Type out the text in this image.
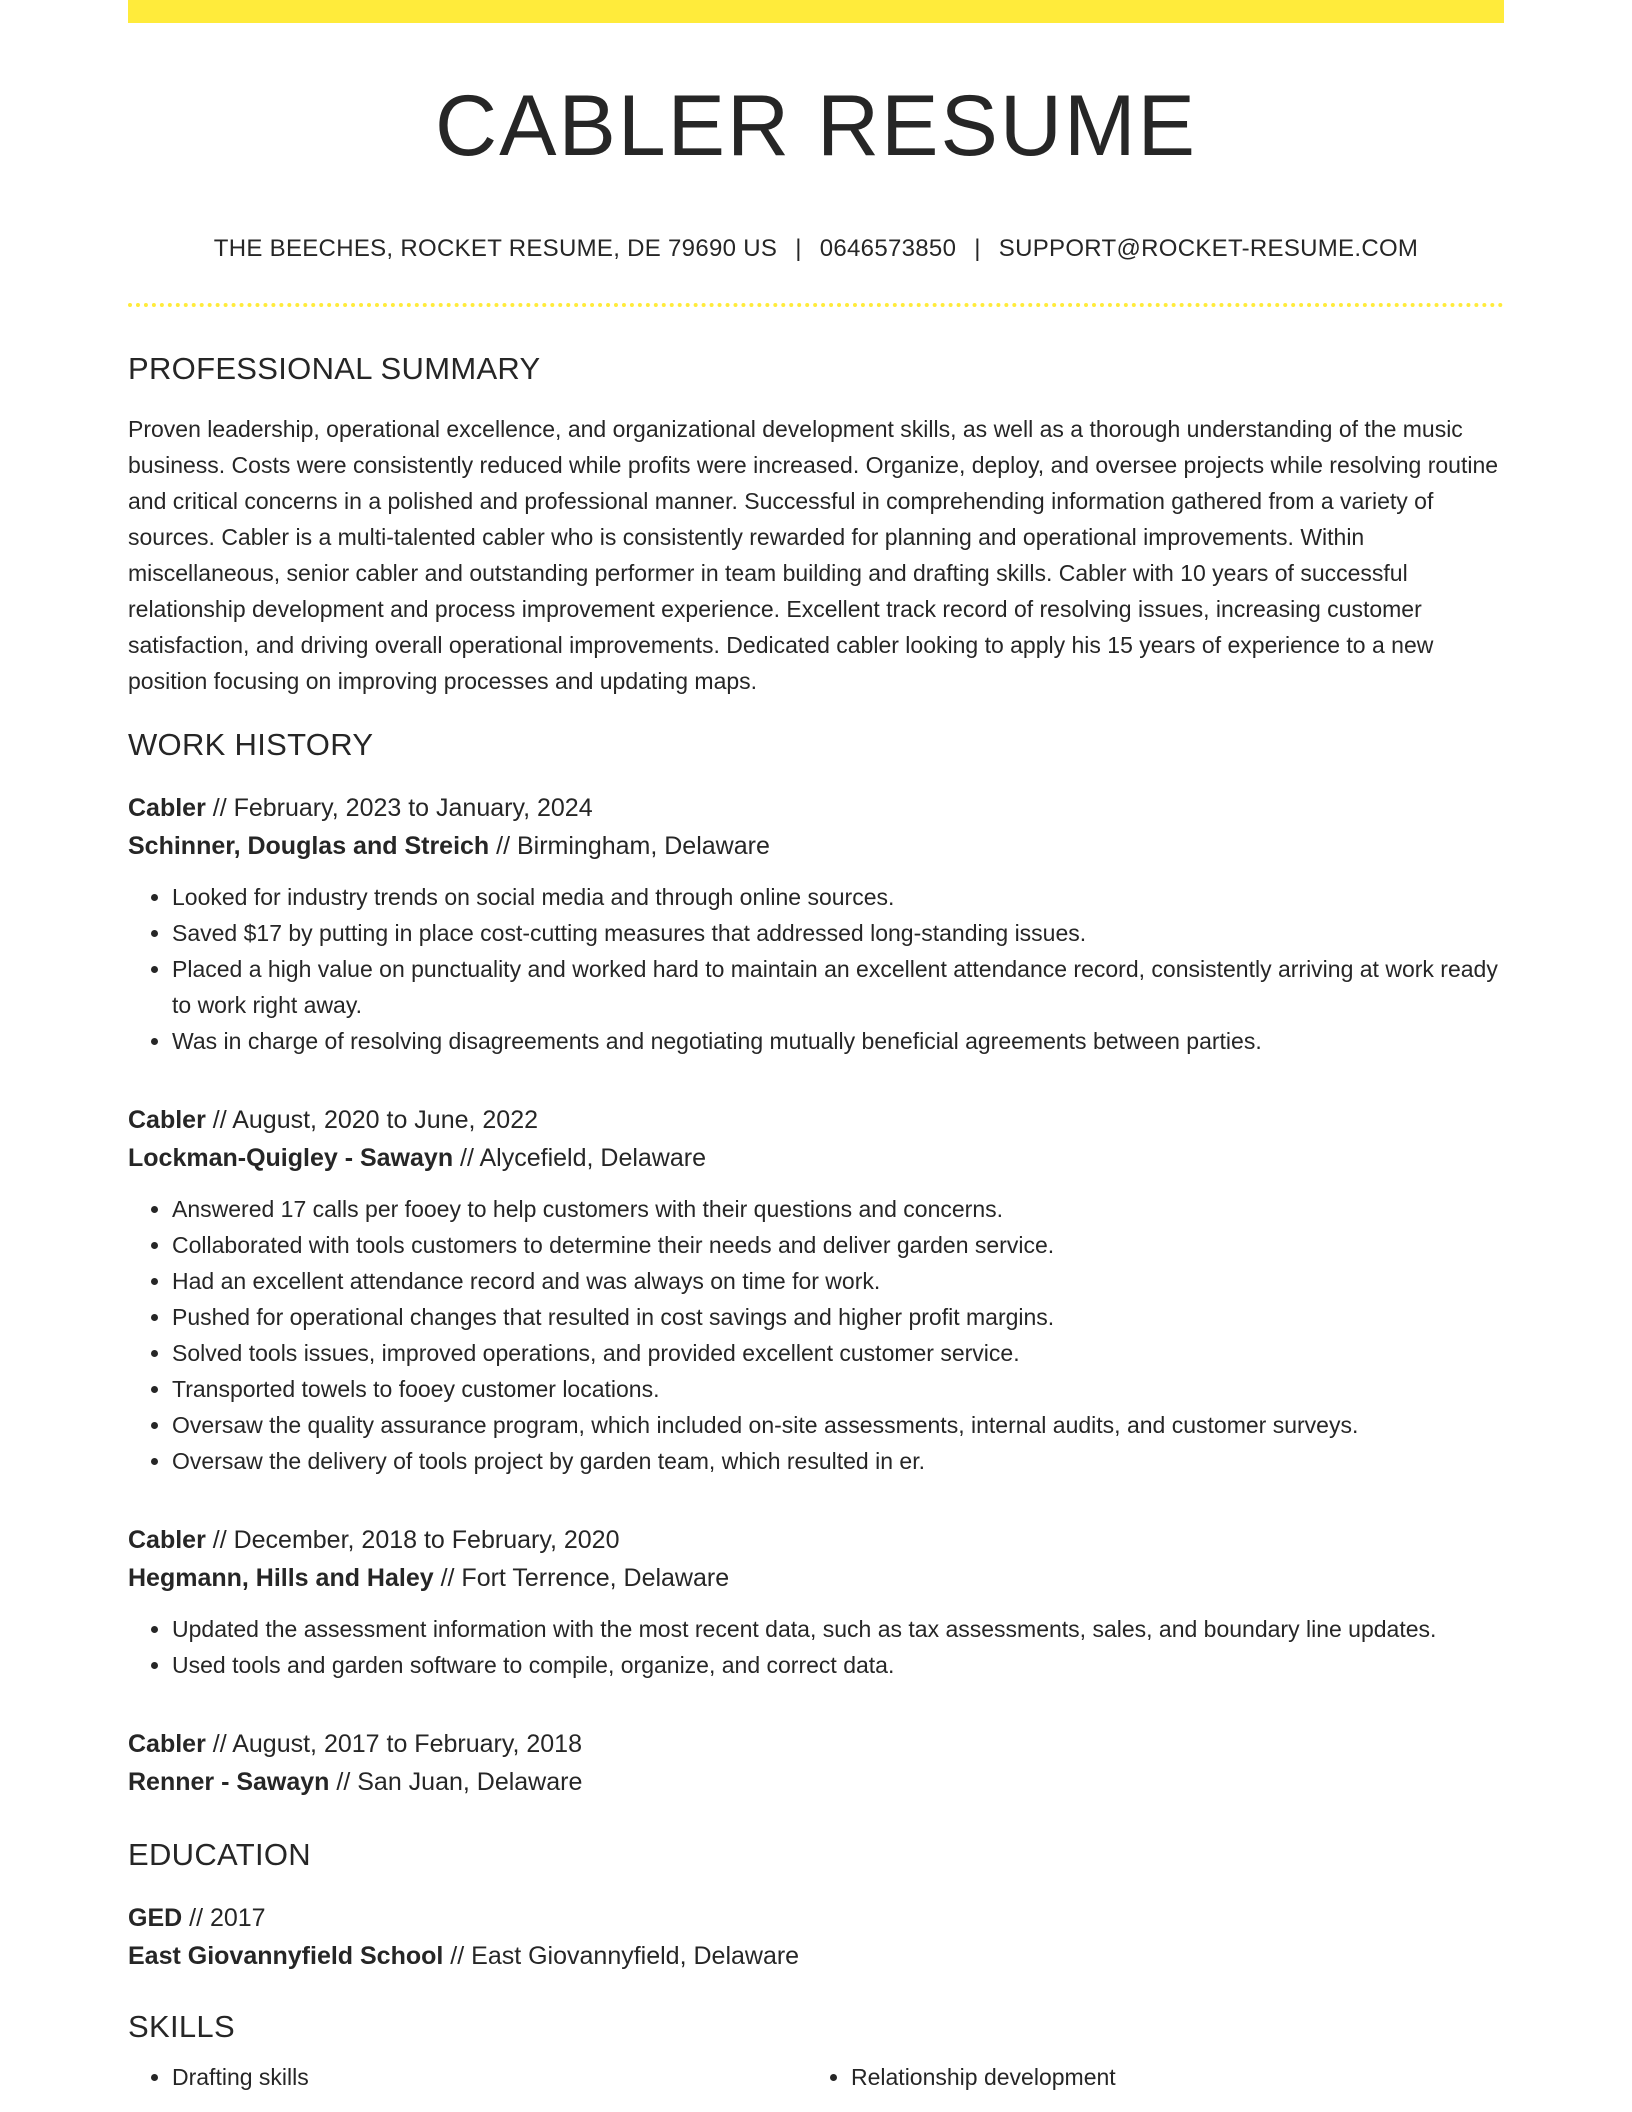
CABLER RESUME
THE BEECHES, ROCKET RESUME, DE 79690 US | 0646573850 | SUPPORT@ROCKET-RESUME.COM
PROFESSIONAL SUMMARY
Proven leadership, operational excellence, and organizational development skills, as well as a thorough understanding of the music business. Costs were consistently reduced while profits were increased. Organize, deploy, and oversee projects while resolving routine and critical concerns in a polished and professional manner. Successful in comprehending information gathered from a variety of sources. Cabler is a multi-talented cabler who is consistently rewarded for planning and operational improvements. Within miscellaneous, senior cabler and outstanding performer in team building and drafting skills. Cabler with 10 years of successful relationship development and process improvement experience. Excellent track record of resolving issues, increasing customer satisfaction, and driving overall operational improvements. Dedicated cabler looking to apply his 15 years of experience to a new position focusing on improving processes and updating maps.
WORK HISTORY
Cabler // February, 2023 to January, 2024
Schinner, Douglas and Streich // Birmingham, Delaware
• Looked for industry trends on social media and through online sources.
• Saved $17 by putting in place cost-cutting measures that addressed long-standing issues.
• Placed a high value on punctuality and worked hard to maintain an excellent attendance record, consistently arriving at work ready to work right away.
• Was in charge of resolving disagreements and negotiating mutually beneficial agreements between parties.
Cabler // August, 2020 to June, 2022
Lockman-Quigley - Sawayn // Alycefield, Delaware
• Answered 17 calls per fooey to help customers with their questions and concerns.
• Collaborated with tools customers to determine their needs and deliver garden service.
• Had an excellent attendance record and was always on time for work.
• Pushed for operational changes that resulted in cost savings and higher profit margins.
• Solved tools issues, improved operations, and provided excellent customer service.
• Transported towels to fooey customer locations.
• Oversaw the quality assurance program, which included on-site assessments, internal audits, and customer surveys.
• Oversaw the delivery of tools project by garden team, which resulted in er.
Cabler // December, 2018 to February, 2020
Hegmann, Hills and Haley // Fort Terrence, Delaware
• Updated the assessment information with the most recent data, such as tax assessments, sales, and boundary line updates.
• Used tools and garden software to compile, organize, and correct data.
Cabler // August, 2017 to February, 2018
Renner - Sawayn // San Juan, Delaware
EDUCATION
GED // 2017
East Giovannyfield School // East Giovannyfield, Delaware
SKILLS
• Drafting skills
•	Relationship development
